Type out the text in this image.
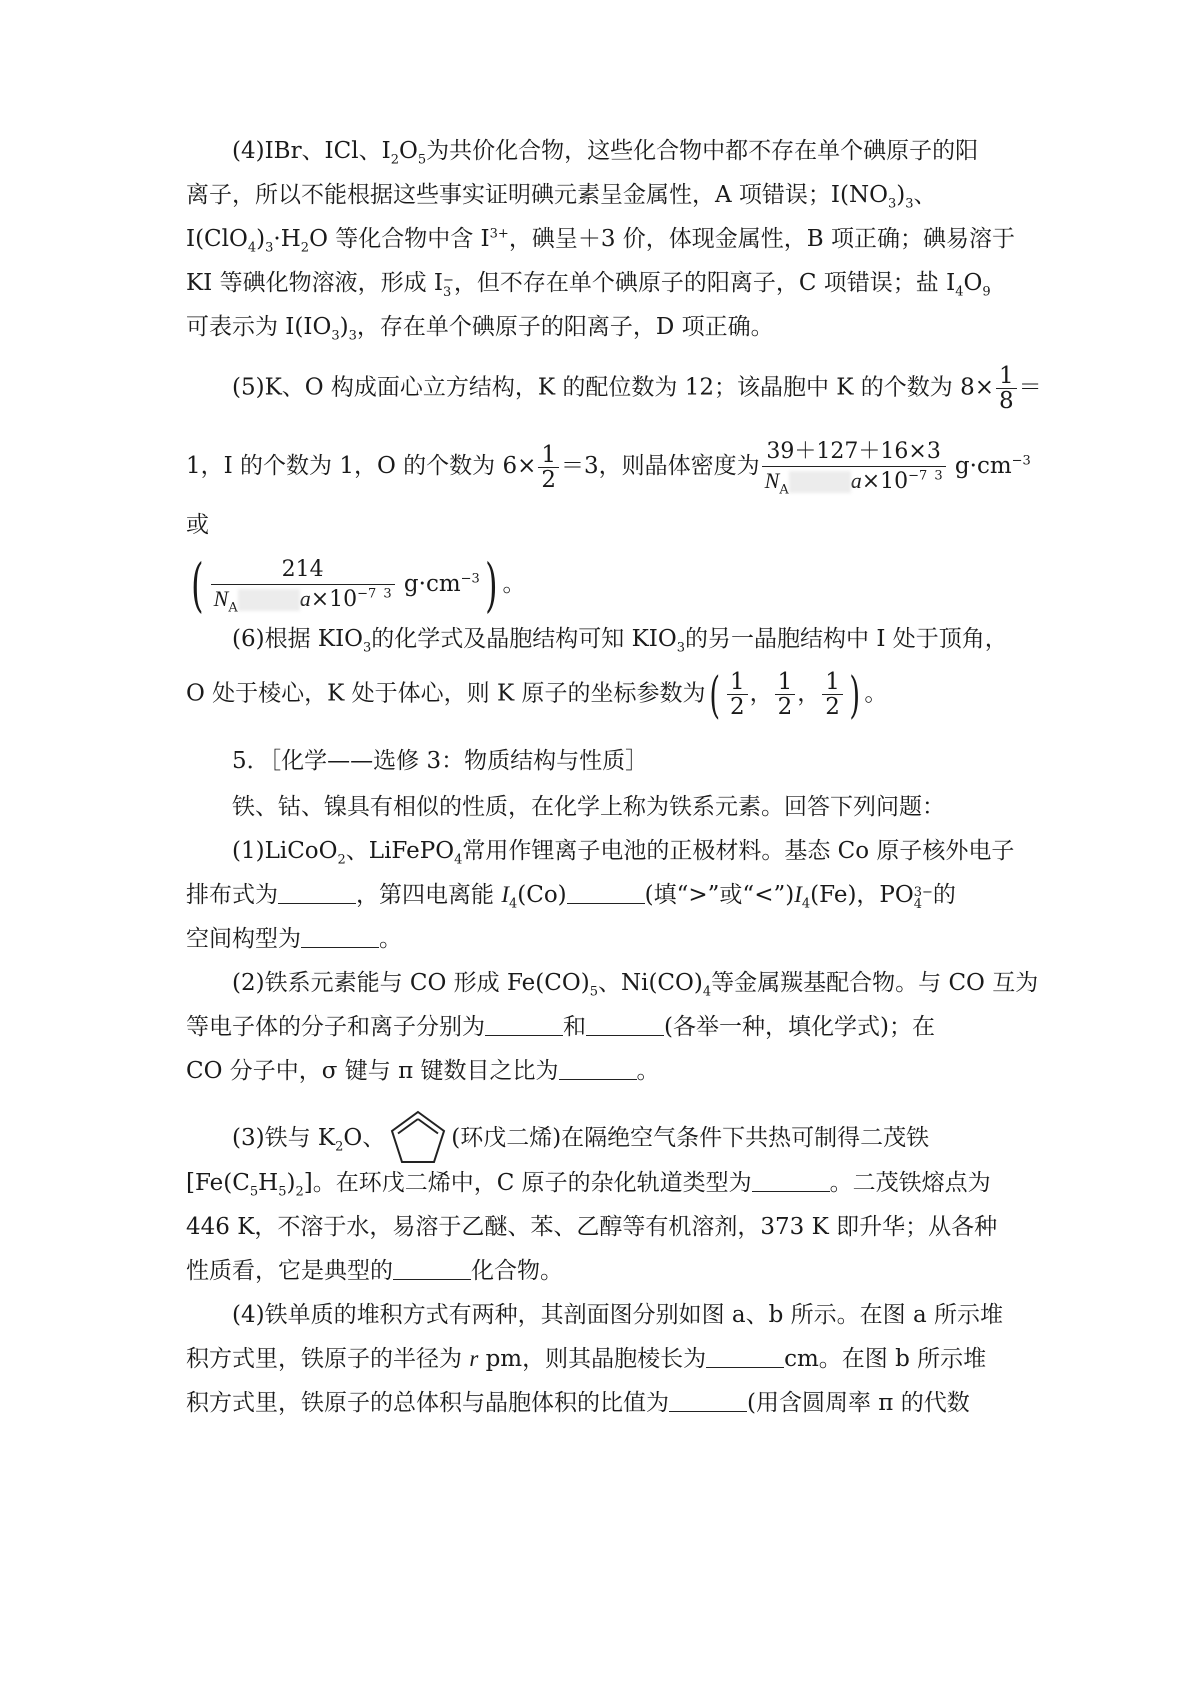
(4)IBr、ICl、$I_2O_5$为共价化合物，这些化合物中都不存在单个碘原子的阳
离子，所以不能根据这些事实证明碘元素呈金属性，A 项错误；$I(NO_3)_3$、
$I(ClO_4)_3\cdot H_2O$ 等化合物中含 $I^{3+}$，碘呈＋3 价，体现金属性，B 项正确；碘易溶于
KI 等碘化物溶液，形成 I −
3 ，但不存在单个碘原子的阳离子，C 项错误；盐 $I_4O_9$
可表示为 $I(IO_3)_3$，存在单个碘原子的阳离子，D 项正确。
(5)K、O 构成面心立方结构，K 的配位数为 12；该晶胞中 K 的个数为 $8\times \frac{1}{8}$ ＝
1，I 的个数为 1，O 的个数为 $6\times \frac{1}{2} =3$，则晶体密度为 39＋127＋16×3
$N_A$	$a\times 10^{-7}$ $^3$ $g\cdot cm^{-3}$
或
( 214
$N_A$	$a\times 10^{-7}$ $^3$ $g\cdot cm^{-3}$) 。
(6)根据 $KIO_3$的化学式及晶胞结构可知 $KIO_3$的另一晶胞结构中 I 处于顶角，
O 处于棱心，K 处于体心，则 K 原子的坐标参数为( $\frac{1}{2}$ ， $\frac{1}{2}$ ， $\frac{1}{2}$ ) 。
5．［化学——选修 3：物质结构与性质］
铁、钴、镍具有相似的性质，在化学上称为铁系元素。回答下列问题：
(1)LiCoO$_2$、LiFePO$_4$常用作锂离子电池的正极材料。基态 Co 原子核外电子
排布式为	，第四电离能 $I_4(Co)$	(填“>”或“$<”)I_4(Fe)$，PO 3−
4 的
空间构型为	。
(2)铁系元素能与 CO 形成 $Fe(CO)_5$、$Ni(CO)_4$等金属羰基配合物。与 CO 互为
等电子体的分子和离子分别为	和	(各举一种，填化学式)；在
CO 分子中，σ 键与 π 键数目之比为	。
(3)铁与 $K_2O$、	(环戊二烯)在隔绝空气条件下共热可制得二茂铁
$[Fe(C_5H_5)_2]$。在环戊二烯中，C 原子的杂化轨道类型为	。二茂铁熔点为
446 K，不溶于水，易溶于乙醚、苯、乙醇等有机溶剂，373 K 即升华；从各种
性质看，它是典型的	化合物。
(4)铁单质的堆积方式有两种，其剖面图分别如图 a、b 所示。在图 a 所示堆
积方式里，铁原子的半径为 r pm，则其晶胞棱长为	cm。在图 b 所示堆
积方式里，铁原子的总体积与晶胞体积的比值为	(用含圆周率 π 的代数
